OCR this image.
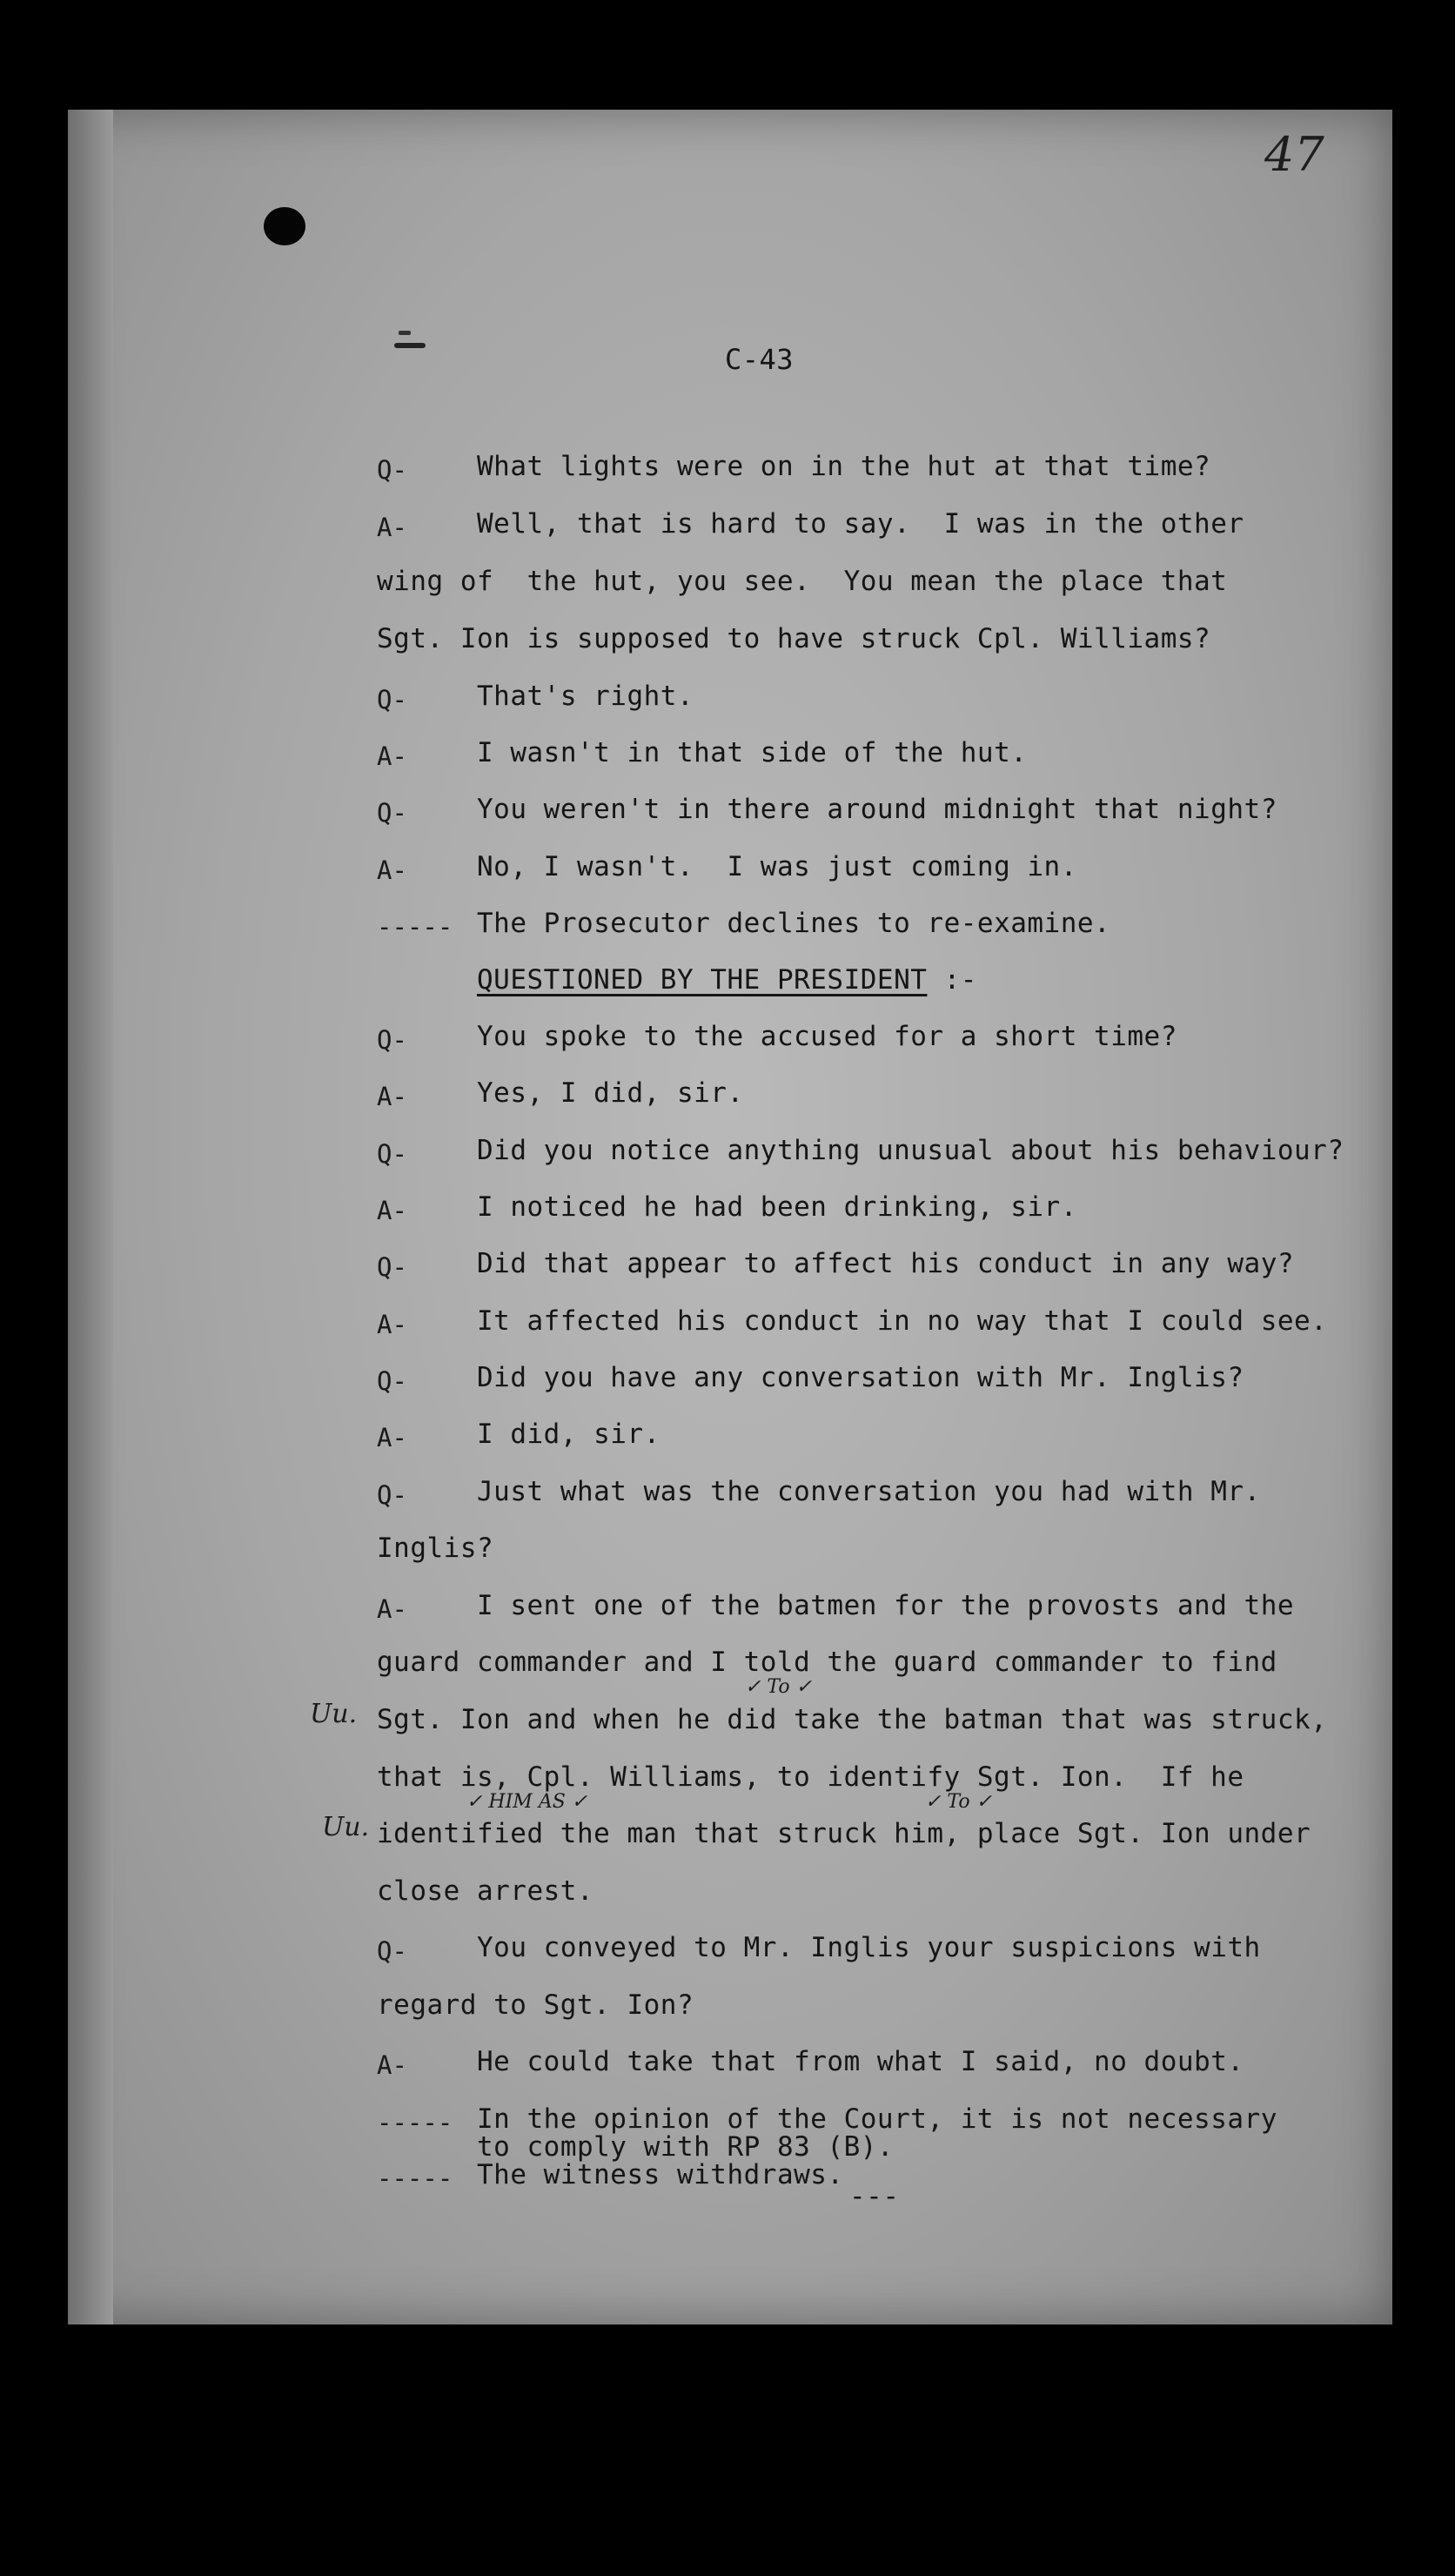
47
C-43
Q-	What lights were on in the hut at that time?
A-	Well, that is hard to say.  I was in the other
wing of  the hut, you see.  You mean the place that
Sgt. Ion is supposed to have struck Cpl. Williams?
Q-	That's right.
A-	I wasn't in that side of the hut.
Q-	You weren't in there around midnight that night?
A-	No, I wasn't.  I was just coming in.
----- The Prosecutor declines to re-examine.
QUESTIONED BY THE PRESIDENT :-
Q-	You spoke to the accused for a short time?
A-	Yes, I did, sir.
Q-	Did you notice anything unusual about his behaviour?
A-	I noticed he had been drinking, sir.
Q-	Did that appear to affect his conduct in any way?
A-	It affected his conduct in no way that I could see.
Q-	Did you have any conversation with Mr. Inglis?
A-	I did, sir.
Q-	Just what was the conversation you had with Mr.
Inglis?
A-	I sent one of the batmen for the provosts and the
guard commander and I told the guard commander to find
✓ To ✓
Uu. Sgt. Ion and when he did take the batman that was struck,
that is, Cpl. Williams, to identify Sgt. Ion.  If he
✓ HIM AS ✓	✓ To ✓
Uu. identified the man that struck him, place Sgt. Ion under
close arrest.
Q-	You conveyed to Mr. Inglis your suspicions with
regard to Sgt. Ion?
A-	He could take that from what I said, no doubt.
----- In the opinion of the Court, it is not necessary
to comply with RP 83 (B).
----- The witness withdraws.
---
